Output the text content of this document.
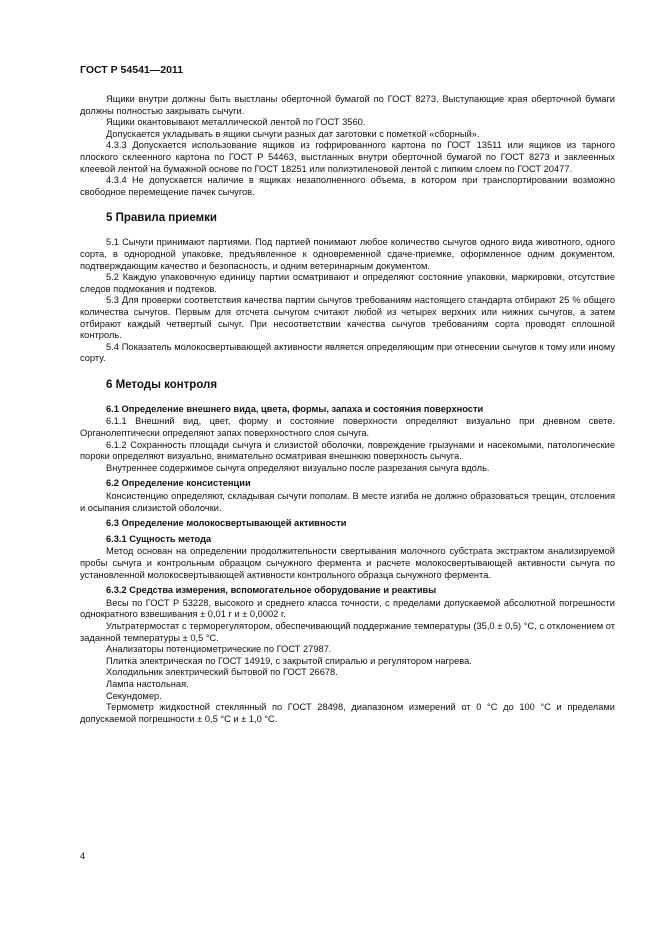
ГОСТ Р 54541—2011

Ящики внутри должны быть выстланы оберточной бумагой по ГОСТ 8273. Выступающие края оберточной бумаги должны полностью закрывать сычуги.

Ящики окантовывают металлической лентой по ГОСТ 3560.

Допускается укладывать в ящики сычуги разных дат заготовки с пометкой «сборный».

4.3.3 Допускается использование ящиков из гофрированного картона по ГОСТ 13511 или ящиков из тарного плоского склеенного картона по ГОСТ Р 54463, выстланных внутри оберточной бумагой по ГОСТ 8273 и заклеенных клеевой лентой на бумажной основе по ГОСТ 18251 или полиэтиленовой лентой с липким слоем по ГОСТ 20477.

4.3.4 Не допускается наличие в ящиках незаполненного объема, в котором при транспортировании возможно свободное перемещение пачек сычугов.

5 Правила приемки

5.1 Сычуги принимают партиями. Под партией понимают любое количество сычугов одного вида животного, одного сорта, в однородной упаковке, предъявленное к одновременной сдаче-приемке, оформленное одним документом, подтверждающим качество и безопасность, и одним ветеринарным документом.

5.2 Каждую упаковочную единицу партии осматривают и определяют состояние упаковки, маркировки, отсутствие следов подмокания и подтеков.

5.3 Для проверки соответствия качества партии сычугов требованиям настоящего стандарта отбирают 25 % общего количества сычугов. Первым для отсчета сычугом считают любой из четырех верхних или нижних сычугов, а затем отбирают каждый четвертый сычуг. При несоответствии качества сычугов требованиям сорта проводят сплошной контроль.

5.4 Показатель молокосвертывающей активности является определяющим при отнесении сычугов к тому или иному сорту.

6 Методы контроля
6.1 Определение внешнего вида, цвета, формы, запаха и состояния поверхности

6.1.1 Внешний вид, цвет, форму и состояние поверхности определяют визуально при дневном свете. Органолептически определяют запах поверхностного слоя сычуга.

6.1.2 Сохранность площади сычуга и слизистой оболочки, повреждение грызунами и насекомыми, патологические пороки определяют визуально, внимательно осматривая внешнюю поверхность сычуга.

Внутреннее содержимое сычуга определяют визуально после разрезания сычуга вдоль.

6.2 Определение консистенции

Консистенцию определяют, складывая сычуги пополам. В месте изгиба не должно образоваться трещин, отслоения и осыпания слизистой оболочки.

6.3 Определение молокосвертывающей активности
6.3.1 Сущность метода

Метод основан на определении продолжительности свертывания молочного субстрата экстрактом анализируемой пробы сычуга и контрольным образцом сычужного фермента и расчете молокосвертывающей активности сычуга по установленной молокосвертывающей активности контрольного образца сычужного фермента.

6.3.2 Средства измерения, вспомогательное оборудование и реактивы

Весы по ГОСТ Р 53228, высокого и среднего класса точности, с пределами допускаемой абсолютной погрешности однократного взвешивания ± 0,01 г и ± 0,0002 г.

Ультратермостат с терморегулятором, обеспечивающий поддержание температуры (35,0 ± 0,5) °С, с отклонением от заданной температуры ± 0,5 °С.

Анализаторы потенциометрические по ГОСТ 27987.

Плитка электрическая по ГОСТ 14919, с закрытой спиралью и регулятором нагрева.

Холодильник электрический бытовой по ГОСТ 26678.

Лампа настольная.

Секундомер.

Термометр жидкостной стеклянный по ГОСТ 28498, диапазоном измерений от 0 °С до 100 °С и пределами допускаемой погрешности ± 0,5 °С и ± 1,0 °С.

4
